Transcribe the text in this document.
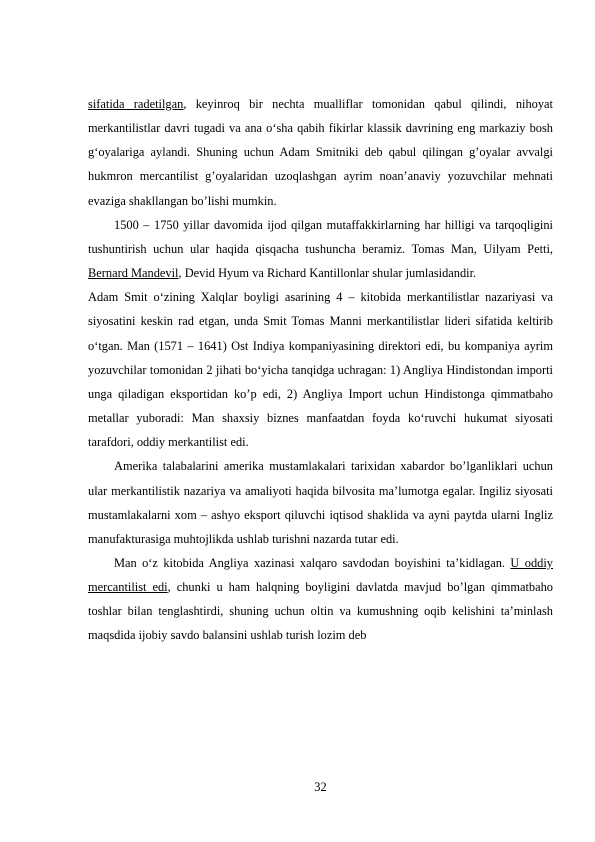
sifatida radetilgan, keyinroq bir nechta mualliflar tomonidan qabul qilindi, nihoyat merkantilistlar davri tugadi va ana o‘sha qabih fikirlar klassik davrining eng markaziy bosh g‘oyalariga aylandi. Shuning uchun Adam Smitniki deb qabul qilingan g’oyalar avvalgi hukmron mercantilist g’oyalaridan uzoqlashgan ayrim noan’anaviy yozuvchilar mehnati evaziga shakllangan bo’lishi mumkin.

1500 – 1750 yillar davomida ijod qilgan mutaffakkirlarning har hilligi va tarqoqligini tushuntirish uchun ular haqida qisqacha tushuncha beramiz. Tomas Man, Uilyam Petti, Bernard Mandevil, Devid Hyum va Richard Kantillonlar shular jumlasidandir.

Adam Smit o‘zining Xalqlar boyligi asarining 4 – kitobida merkantilistlar nazariyasi va siyosatini keskin rad etgan, unda Smit Tomas Manni merkantilistlar lideri sifatida keltirib o‘tgan. Man (1571 – 1641) Ost Indiya kompaniyasining direktori edi, bu kompaniya ayrim yozuvchilar tomonidan 2 jihati bo‘yicha tanqidga uchragan: 1) Angliya Hindistondan importi unga qiladigan eksportidan ko’p edi, 2) Angliya Import uchun Hindistonga qimmatbaho metallar yuboradi: Man shaxsiy biznes manfaatdan foyda ko‘ruvchi hukumat siyosati tarafdori, oddiy merkantilist edi.

Amerika talabalarini amerika mustamlakalari tarixidan xabardor bo’lganliklari uchun ular merkantilistik nazariya va amaliyoti haqida bilvosita ma’lumotga egalar. Ingiliz siyosati mustamlakalarni xom – ashyo eksport qiluvchi iqtisod shaklida va ayni paytda ularni Ingliz manufakturasiga muhtojlikda ushlab turishni nazarda tutar edi.

Man o‘z kitobida Angliya xazinasi xalqaro savdodan boyishini ta’kidlagan. U oddiy mercantilist edi, chunki u ham halqning boyligini davlatda mavjud bo’lgan qimmatbaho toshlar bilan tenglashtirdi, shuning uchun oltin va kumushning oqib kelishini ta’minlash maqsdida ijobiy savdo balansini ushlab turish lozim deb

32
